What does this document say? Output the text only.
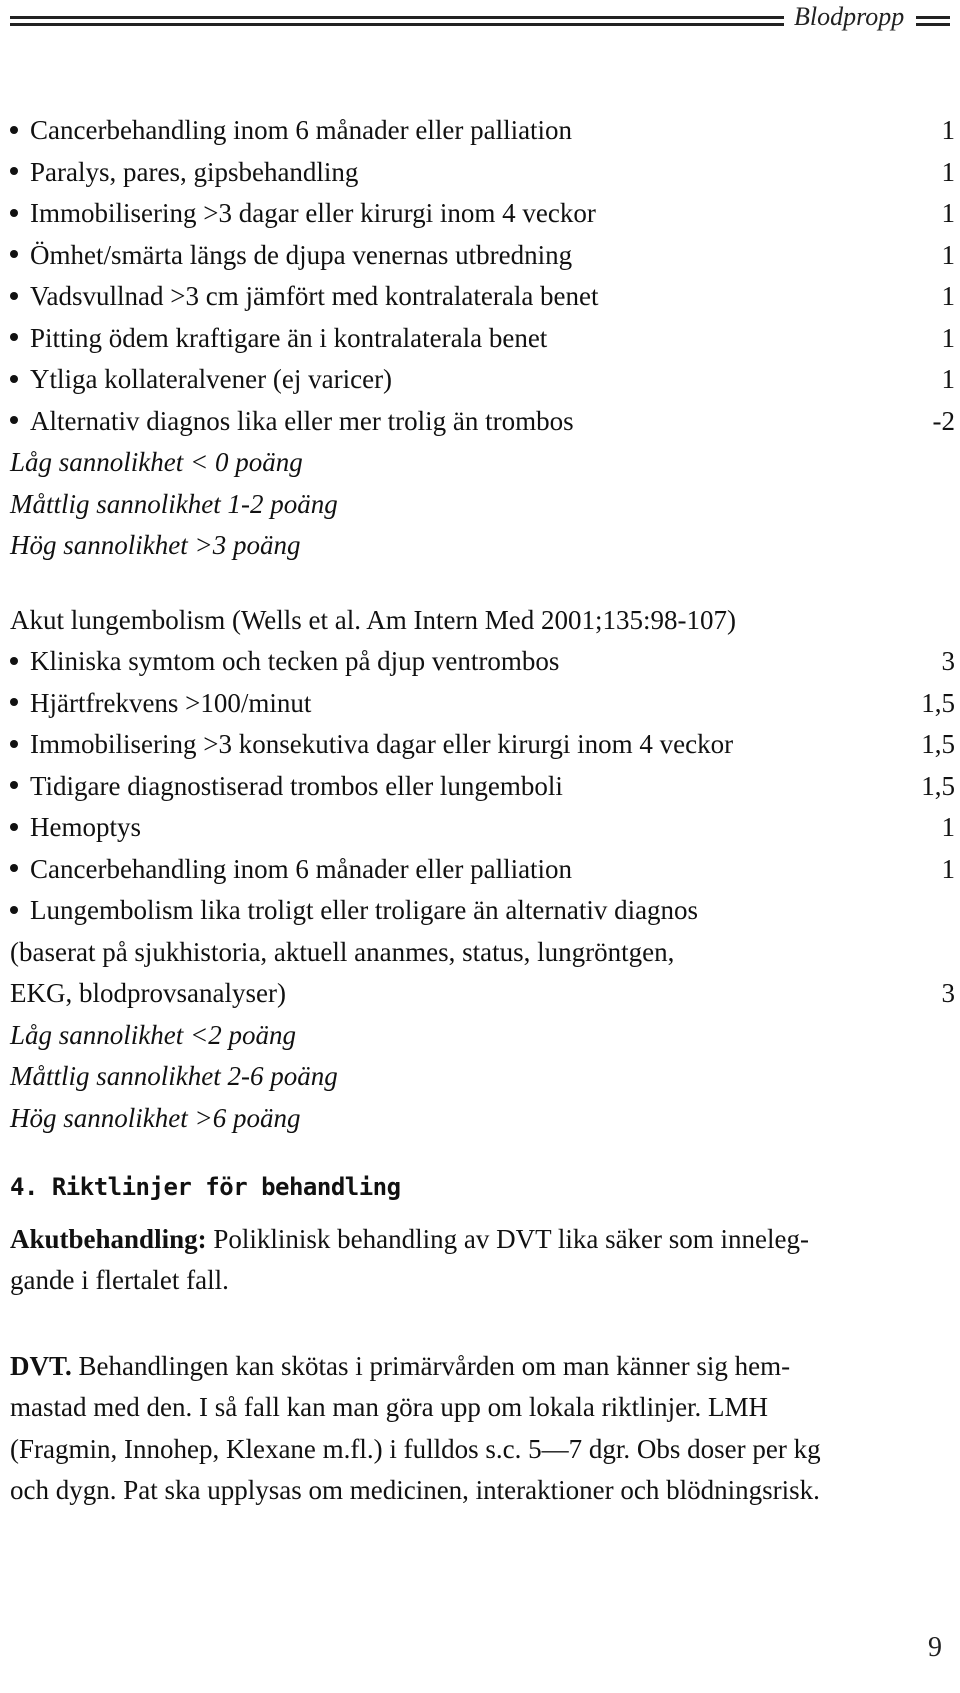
Blodpropp
Cancerbehandling inom 6 månader eller palliation	1
Paralys, pares, gipsbehandling	1
Immobilisering >3 dagar eller kirurgi inom 4 veckor	1
Ömhet/smärta längs de djupa venernas utbredning	1
Vadsvullnad >3 cm jämfört med kontralaterala benet	1
Pitting ödem kraftigare än i kontralaterala benet	1
Ytliga kollateralvener (ej varicer)	1
Alternativ diagnos lika eller mer trolig än trombos	-2
Låg sannolikhet < 0 poäng
Måttlig sannolikhet 1-2 poäng
Hög sannolikhet >3 poäng
Akut lungembolism (Wells et al. Am Intern Med 2001;135:98-107)
Kliniska symtom och tecken på djup ventrombos	3
Hjärtfrekvens >100/minut	1,5
Immobilisering >3 konsekutiva dagar eller kirurgi inom 4 veckor	1,5
Tidigare diagnostiserad trombos eller lungemboli	1,5
Hemoptys	1
Cancerbehandling inom 6 månader eller palliation	1
Lungembolism lika troligt eller troligare än alternativ diagnos
(baserat på sjukhistoria, aktuell ananmes, status, lungröntgen,
EKG, blodprovsanalyser)	3
Låg sannolikhet <2 poäng
Måttlig sannolikhet 2-6 poäng
Hög sannolikhet >6 poäng
4. Riktlinjer för behandling
Akutbehandling: Poliklinisk behandling av DVT lika säker som inneleg-
gande i flertalet fall.
DVT. Behandlingen kan skötas i primärvården om man känner sig hem-
mastad med den. I så fall kan man göra upp om lokala riktlinjer. LMH
(Fragmin, Innohep, Klexane m.fl.) i fulldos s.c. 5—7 dgr. Obs doser per kg
och dygn. Pat ska upplysas om medicinen, interaktioner och blödningsrisk.
9
